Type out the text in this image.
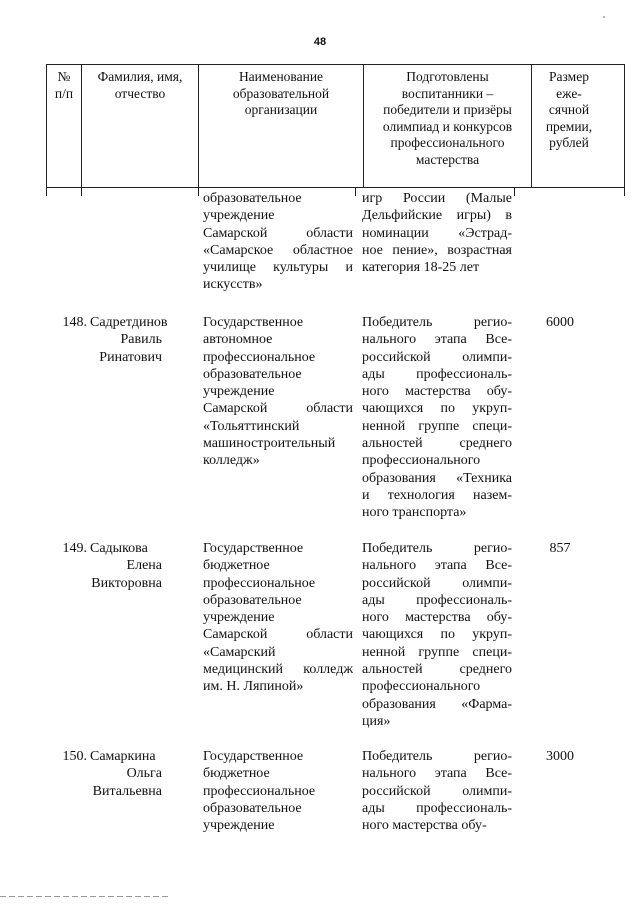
48
№
п/п
Фамилия, имя,
отчество
Наименование
образовательной
организации
Подготовлены
воспитанники –
победители и призёры
олимпиад и конкурсов
профессионального
мастерства
Размер
еже-
сячной
премии,
рублей
образовательное
учреждение
Самарской области
«Самарское областное
училище культуры и
искусств»
игр России (Малые
Дельфийские игры) в
номинации «Эстрад-
ное пение», возрастная
категория 18-25 лет
148. Садретдинов
Равиль
Ринатович
Государственное
автономное
профессиональное
образовательное
учреждение
Самарской области
«Тольяттинский
машиностроительный
колледж»
Победитель регио-
нального этапа Все-
российской олимпи-
ады профессиональ-
ного мастерства обу-
чающихся по укруп-
ненной группе специ-
альностей среднего
профессионального
образования «Техника
и технология назем-
ного транспорта»
6000
149. Садыкова
Елена
Викторовна
Государственное
бюджетное
профессиональное
образовательное
учреждение
Самарской области
«Самарский
медицинский колледж
им. Н. Ляпиной»
Победитель регио-
нального этапа Все-
российской олимпи-
ады профессиональ-
ного мастерства обу-
чающихся по укруп-
ненной группе специ-
альностей среднего
профессионального
образования «Фарма-
ция»
857
150. Самаркина
Ольга
Витальевна
Государственное
бюджетное
профессиональное
образовательное
учреждение
Победитель регио-
нального этапа Все-
российской олимпи-
ады профессиональ-
ного мастерства обу-
3000
